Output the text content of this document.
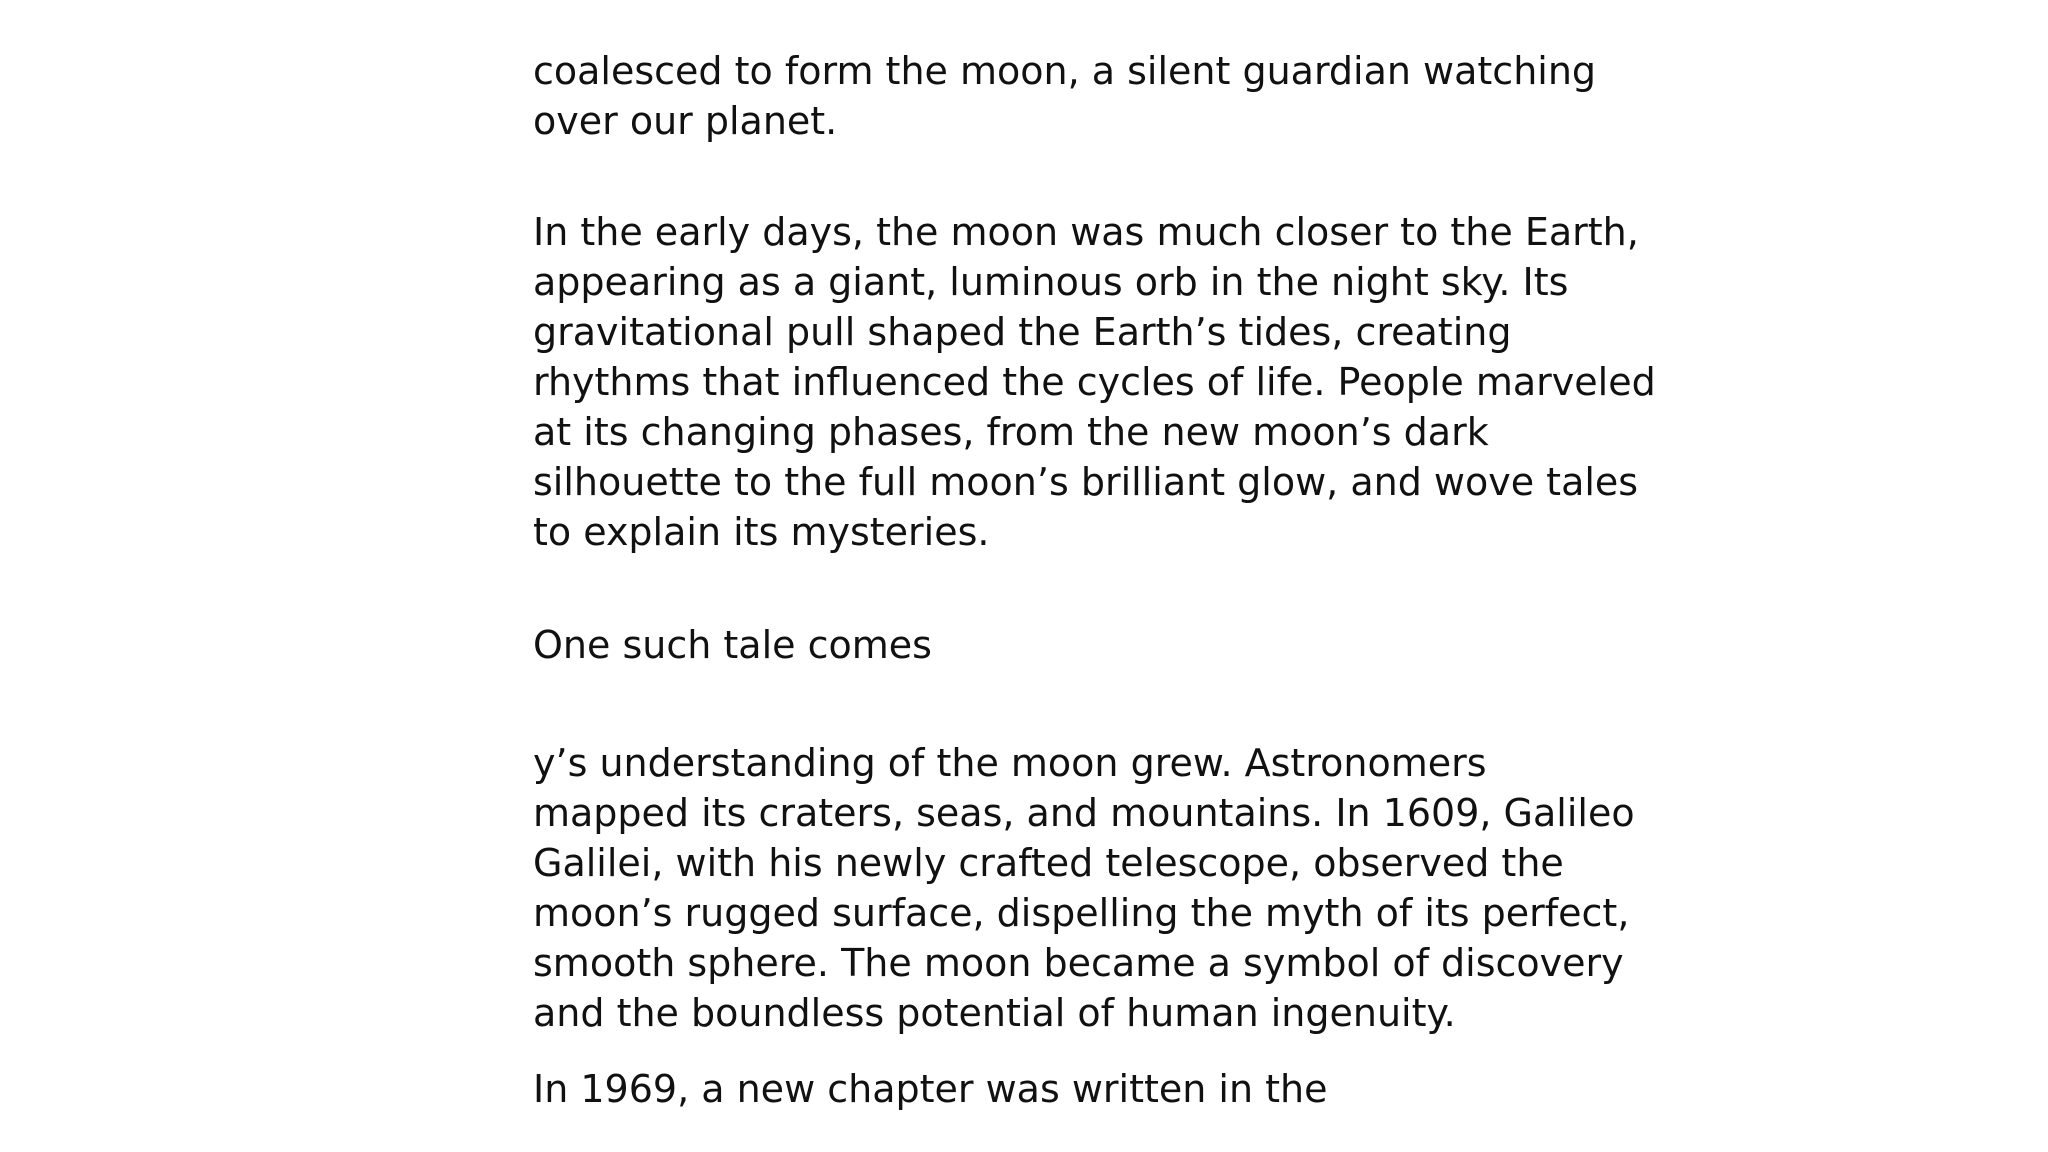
coalesced to form the moon, a silent guardian watching
over our planet.

In the early days, the moon was much closer to the Earth,
appearing as a giant, luminous orb in the night sky. Its
gravitational pull shaped the Earth’s tides, creating
rhythms that influenced the cycles of life. People marveled
at its changing phases, from the new moon’s dark
silhouette to the full moon’s brilliant glow, and wove tales
to explain its mysteries.

One such tale comes

y’s understanding of the moon grew. Astronomers
mapped its craters, seas, and mountains. In 1609, Galileo
Galilei, with his newly crafted telescope, observed the
moon’s rugged surface, dispelling the myth of its perfect,
smooth sphere. The moon became a symbol of discovery
and the boundless potential of human ingenuity.

In 1969, a new chapter was written in the
